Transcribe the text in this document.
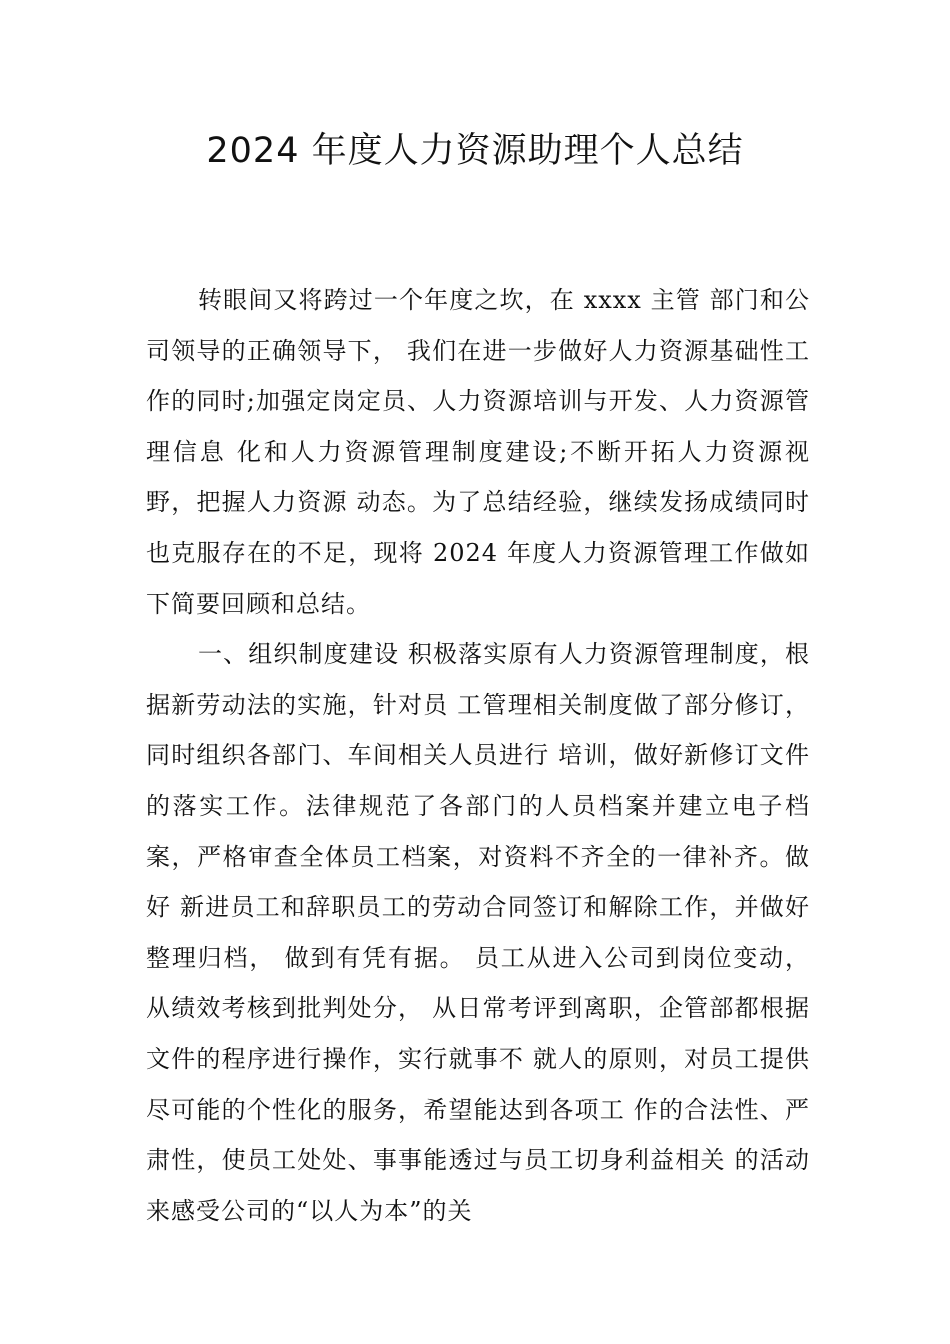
2024 年度人力资源助理个人总结

转眼间又将跨过一个年度之坎，在 xxxx 主管 部门和公司领导的正确领导下， 我们在进一步做好人力资源基础性工 作的同时;加强定岗定员、人力资源培训与开发、人力资源管理信息 化和人力资源管理制度建设;不断开拓人力资源视野，把握人力资源 动态。为了总结经验，继续发扬成绩同时也克服存在的不足，现将 2024 年度人力资源管理工作做如下简要回顾和总结。

一、组织制度建设 积极落实原有人力资源管理制度，根据新劳动法的实施，针对员 工管理相关制度做了部分修订，同时组织各部门、车间相关人员进行 培训，做好新修订文件的落实工作。法律规范了各部门的人员档案并建立电子档案，严格审查全体员工档案，对资料不齐全的一律补齐。做好 新进员工和辞职员工的劳动合同签订和解除工作，并做好整理归档， 做到有凭有据。 员工从进入公司到岗位变动， 从绩效考核到批判处分， 从日常考评到离职，企管部都根据文件的程序进行操作，实行就事不 就人的原则，对员工提供尽可能的个性化的服务，希望能达到各项工 作的合法性、严肃性，使员工处处、事事能透过与员工切身利益相关 的活动来感受公司的“以人为本”的关
